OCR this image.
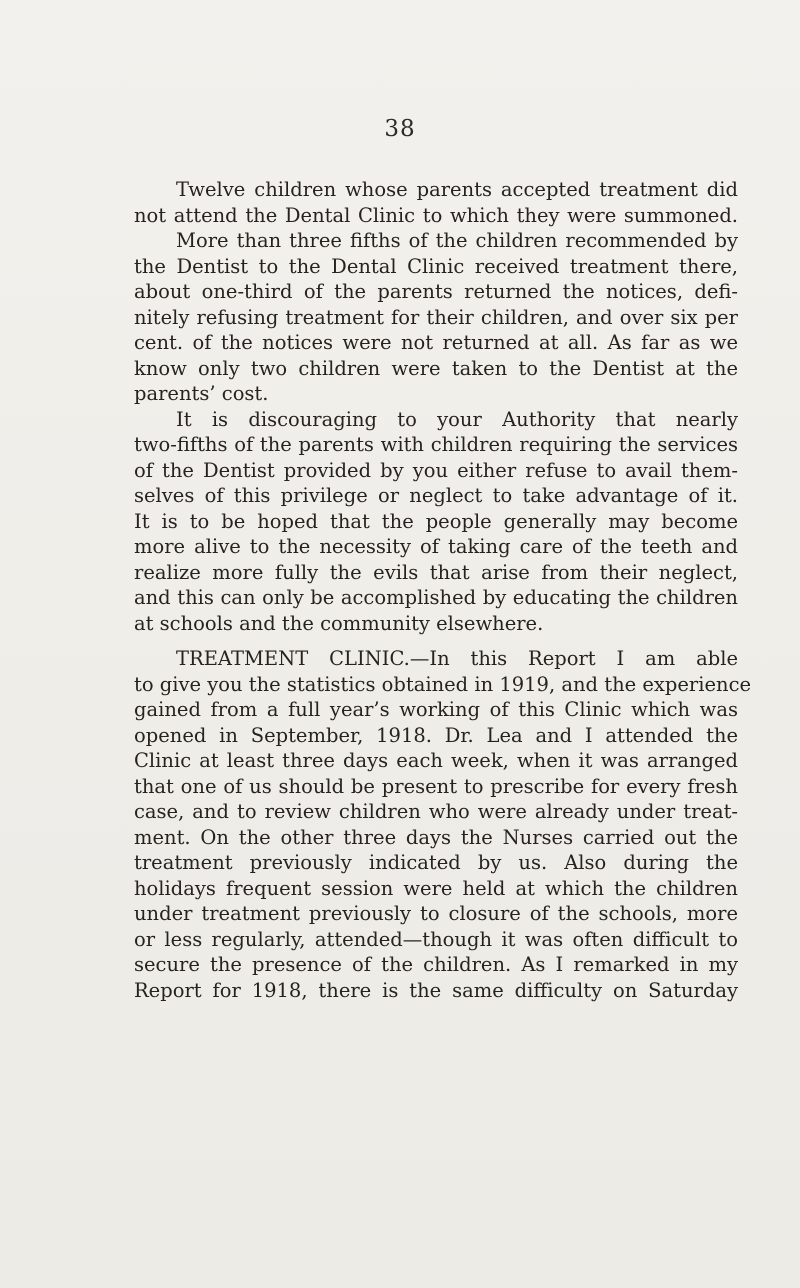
38

Twelve children whose parents accepted treatment did

not attend the Dental Clinic to which they were summoned.

More than three fifths of the children recommended by

the Dentist to the Dental Clinic received treatment there,

about one-third of the parents returned the notices, defi-

nitely refusing treatment for their children, and over six per

cent. of the notices were not returned at all. As far as we

know only two children were taken to the Dentist at the

parents’ cost.

It is discouraging to your Authority that nearly

two-fifths of the parents with children requiring the services

of the Dentist provided by you either refuse to avail them-

selves of this privilege or neglect to take advantage of it.

It is to be hoped that the people generally may become

more alive to the necessity of taking care of the teeth and

realize more fully the evils that arise from their neglect,

and this can only be accomplished by educating the children

at schools and the community elsewhere.

TREATMENT CLINIC.—In this Report I am able

to give you the statistics obtained in 1919, and the experience

gained from a full year’s working of this Clinic which was

opened in September, 1918. Dr. Lea and I attended the

Clinic at least three days each week, when it was arranged

that one of us should be present to prescribe for every fresh

case, and to review children who were already under treat-

ment. On the other three days the Nurses carried out the

treatment previously indicated by us. Also during the

holidays frequent session were held at which the children

under treatment previously to closure of the schools, more

or less regularly, attended—though it was often difficult to

secure the presence of the children. As I remarked in my

Report for 1918, there is the same difficulty on Saturday
